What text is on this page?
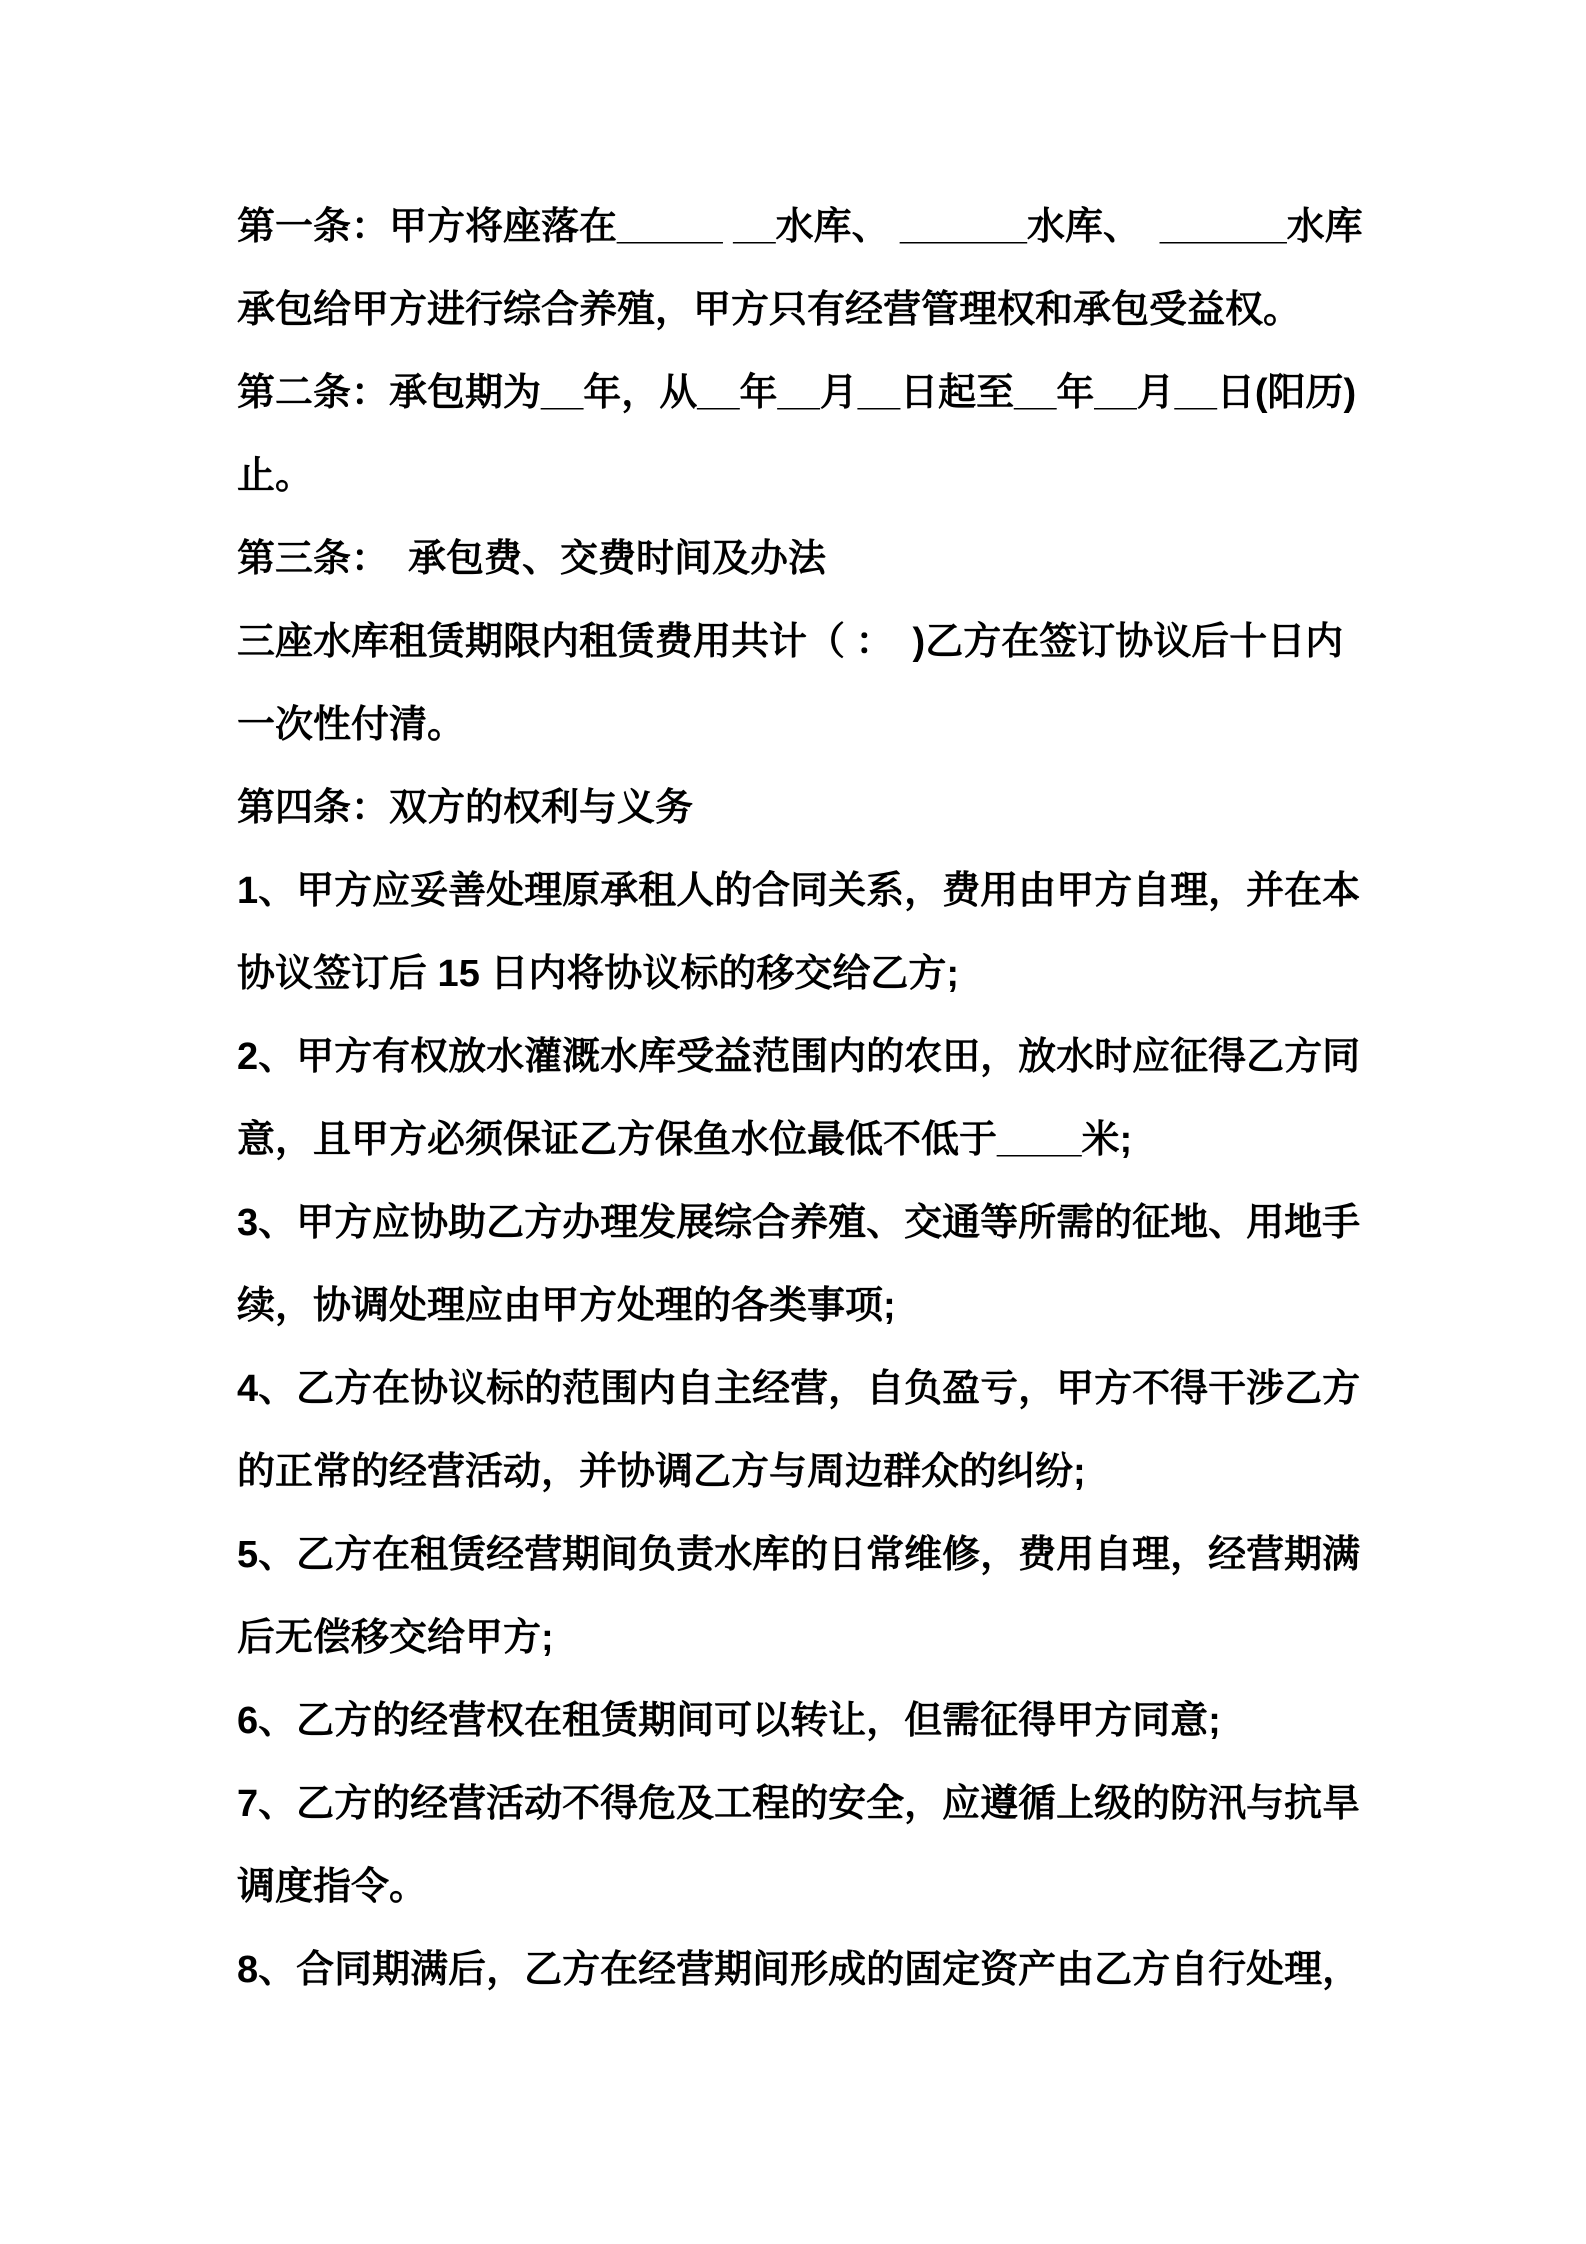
第一条：甲方将座落在_____ __水库、 ______水库、　______水库
承包给甲方进行综合养殖，甲方只有经营管理权和承包受益权。
第二条：承包期为__年，从__年__月__日起至__年__月__日(阳历)
止。
第三条：　承包费、交费时间及办法
三座水库租赁期限内租赁费用共计（ ：　)乙方在签订协议后十日内
一次性付清。
第四条：双方的权利与义务
1、甲方应妥善处理原承租人的合同关系，费用由甲方自理，并在本
协议签订后 15 日内将协议标的移交给乙方;
2、甲方有权放水灌溉水库受益范围内的农田，放水时应征得乙方同
意，且甲方必须保证乙方保鱼水位最低不低于____米;
3、甲方应协助乙方办理发展综合养殖、交通等所需的征地、用地手
续，协调处理应由甲方处理的各类事项;
4、乙方在协议标的范围内自主经营，自负盈亏，甲方不得干涉乙方
的正常的经营活动，并协调乙方与周边群众的纠纷;
5、乙方在租赁经营期间负责水库的日常维修，费用自理，经营期满
后无偿移交给甲方;
6、乙方的经营权在租赁期间可以转让，但需征得甲方同意;
7、乙方的经营活动不得危及工程的安全，应遵循上级的防汛与抗旱
调度指令。
8、合同期满后，乙方在经营期间形成的固定资产由乙方自行处理，
